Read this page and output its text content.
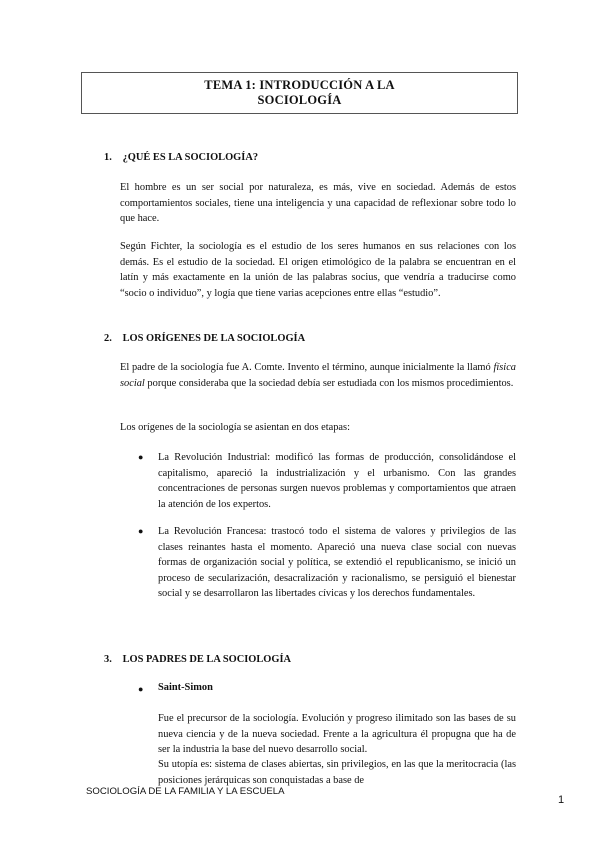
TEMA 1: INTRODUCCIÓN A LA
SOCIOLOGÍA
1. ¿QUÉ ES LA SOCIOLOGÍA?

El hombre es un ser social por naturaleza, es más, vive en sociedad. Además de estos comportamientos sociales, tiene una inteligencia y una capacidad de reflexionar sobre todo lo que hace.

Según Fichter, la sociología es el estudio de los seres humanos en sus relaciones con los demás. Es el estudio de la sociedad. El origen etimológico de la palabra se encuentran en el latín y más exactamente en la unión de las palabras socius, que vendría a traducirse como “socio o individuo”, y logía que tiene varias acepciones entre ellas “estudio”.

2. LOS ORÍGENES DE LA SOCIOLOGÍA

El padre de la sociología fue A. Comte. Invento el término, aunque inicialmente la llamó física social porque consideraba que la sociedad debía ser estudiada con los mismos procedimientos.

Los orígenes de la sociología se asientan en dos etapas:

● La Revolución Industrial: modificó las formas de producción, consolidándose el capitalismo, apareció la industrialización y el urbanismo. Con las grandes concentraciones de personas surgen nuevos problemas y comportamientos que atraen la atención de los expertos.

● La Revolución Francesa: trastocó todo el sistema de valores y privilegios de las clases reinantes hasta el momento. Apareció una nueva clase social con nuevas formas de organización social y política, se extendió el republicanismo, se inició un proceso de secularización, desacralización y racionalismo, se persiguió el bienestar social y se desarrollaron las libertades cívicas y los derechos fundamentales.

3. LOS PADRES DE LA SOCIOLOGÍA
● Saint-Simon

Fue el precursor de la sociología. Evolución y progreso ilimitado son las bases de su nueva ciencia y de la nueva sociedad. Frente a la agricultura él propugna que ha de ser la industria la base del nuevo desarrollo social.

Su utopía es: sistema de clases abiertas, sin privilegios, en las que la meritocracia (las posiciones jerárquicas son conquistadas a base de

SOCIOLOGÍA DE LA FAMILIA Y LA ESCUELA
1
